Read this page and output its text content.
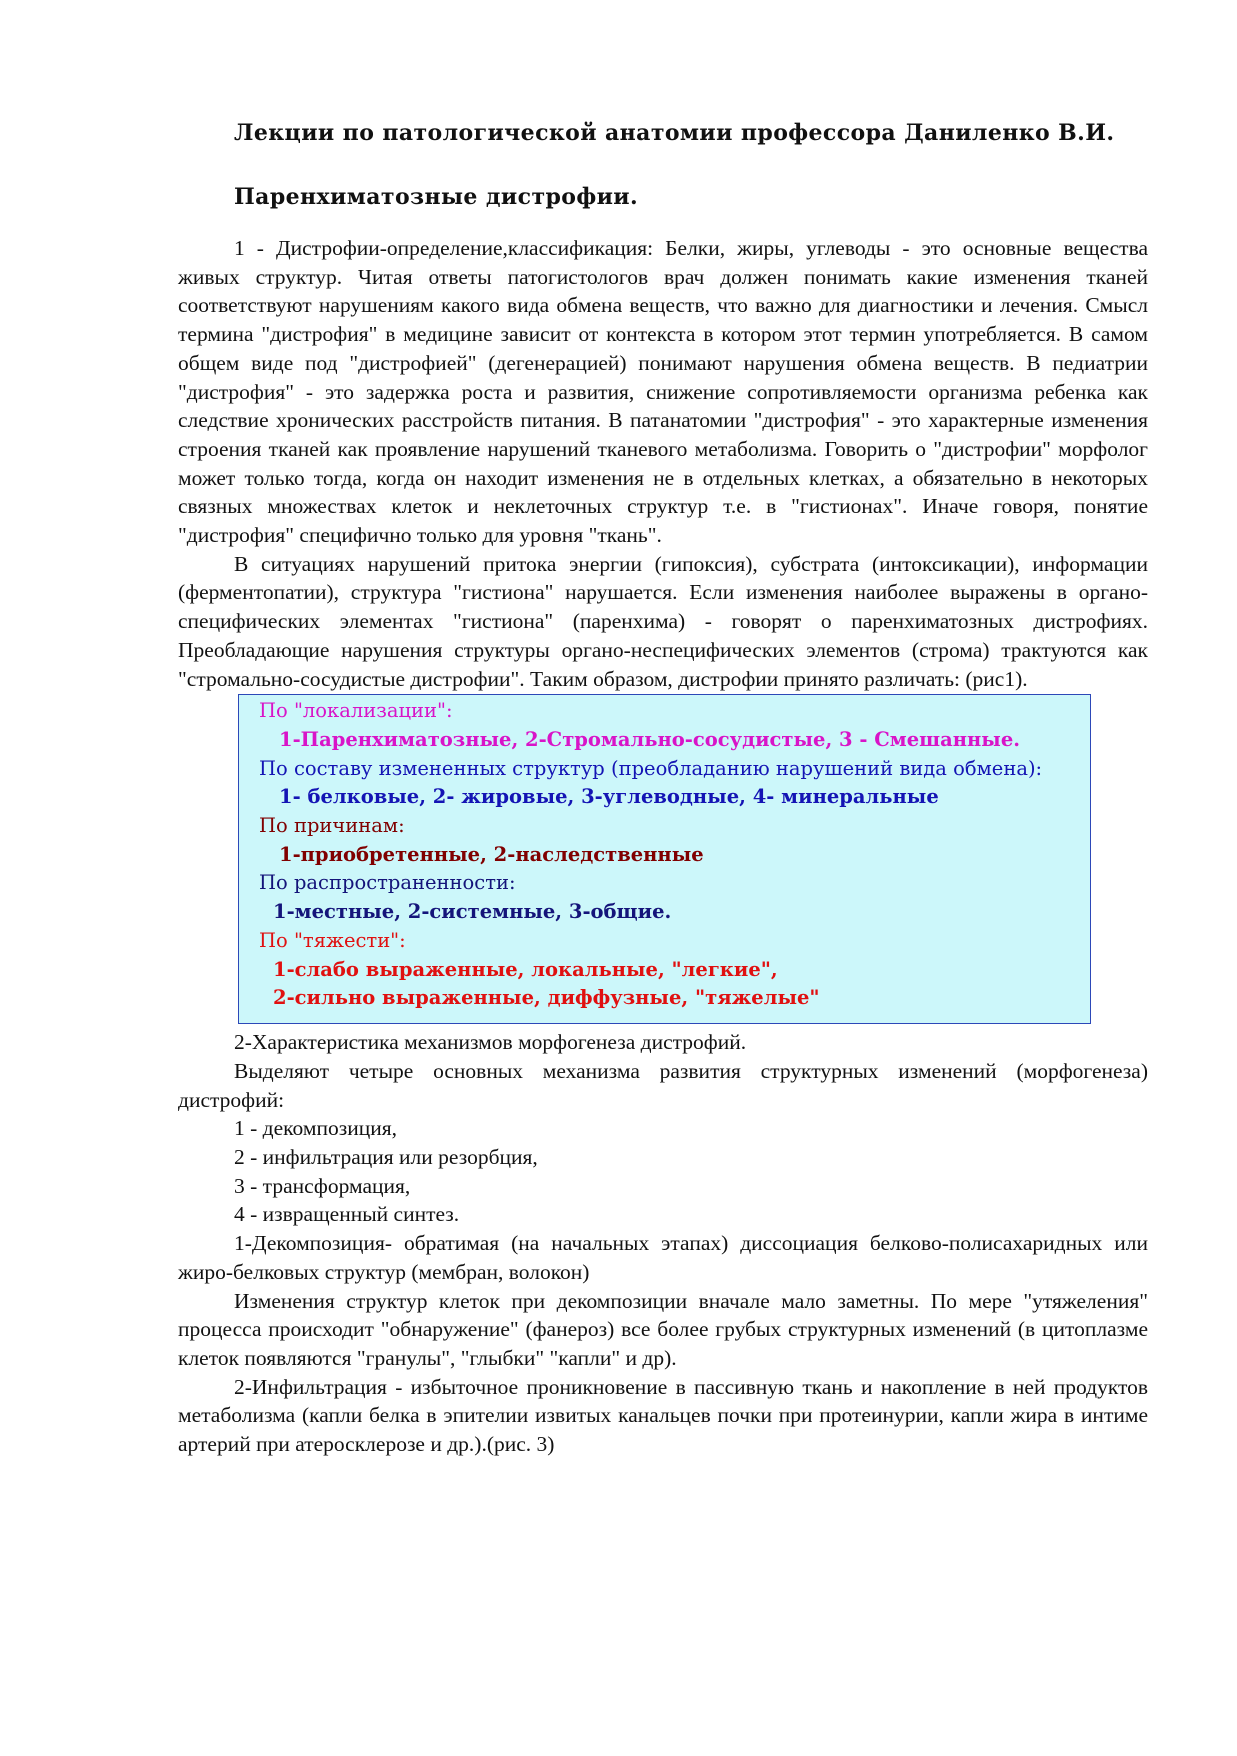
Лекции по патологической анатомии профессора Даниленко В.И.
Паренхиматозные дистрофии.

1 - Дистрофии-определение,классификация: Белки, жиры, углеводы - это основные вещества живых структур. Читая ответы патогистологов врач должен понимать какие изменения тканей соответствуют нарушениям какого вида обмена веществ, что важно для диагностики и лечения. Смысл термина "дистрофия" в медицине зависит от контекста в котором этот термин употребляется. В самом общем виде под "дистрофией" (дегенерацией) понимают нарушения обмена веществ. В педиатрии "дистрофия" - это задержка роста и развития, снижение сопротивляемости организма ребенка как следствие хронических расстройств питания. В патанатомии "дистрофия" - это характерные изменения строения тканей как проявление нарушений тканевого метаболизма. Говорить о "дистрофии" морфолог может только тогда, когда он находит изменения не в отдельных клетках, а обязательно в некоторых связных множествах клеток и неклеточных структур т.е. в "гистионах". Иначе говоря, понятие "дистрофия" специфично только для уровня "ткань".

В ситуациях нарушений притока энергии (гипоксия), субстрата (интоксикации), информации (ферментопатии), структура "гистиона" нарушается. Если изменения наиболее выражены в органо-специфических элементах "гистиона" (паренхима) - говорят о паренхиматозных дистрофиях. Преобладающие нарушения структуры органо-неспецифических элементов (строма) трактуются как "стромально-сосудистые дистрофии". Таким образом, дистрофии принято различать: (рис1).

По "локализации":
1-Паренхиматозные, 2-Стромально-сосудистые, 3 - Смешанные.
По составу измененных структур (преобладанию нарушений вида обмена):
1- белковые, 2- жировые, 3-углеводные, 4- минеральные
По причинам:
1-приобретенные, 2-наследственные
По распространенности:
1-местные, 2-системные, 3-общие.
По "тяжести":
1-слабо выраженные, локальные, "легкие",
2-сильно выраженные, диффузные, "тяжелые"

2-Характеристика механизмов морфогенеза дистрофий.

Выделяют четыре основных механизма развития структурных изменений (морфогенеза) дистрофий:

1 - декомпозиция,

2 - инфильтрация или резорбция,

3 - трансформация,

4 - извращенный синтез.

1-Декомпозиция- обратимая (на начальных этапах) диссоциация белково-полисахаридных или жиро-белковых структур (мембран, волокон)

Изменения структур клеток при декомпозиции вначале мало заметны. По мере "утяжеления" процесса происходит "обнаружение" (фанероз) все более грубых структурных изменений (в цитоплазме клеток появляются "гранулы", "глыбки" "капли" и др).

2-Инфильтрация - избыточное проникновение в пассивную ткань и накопление в ней продуктов метаболизма (капли белка в эпителии извитых канальцев почки при протеинурии, капли жира в интиме артерий при атеросклерозе и др.).(рис. 3)
